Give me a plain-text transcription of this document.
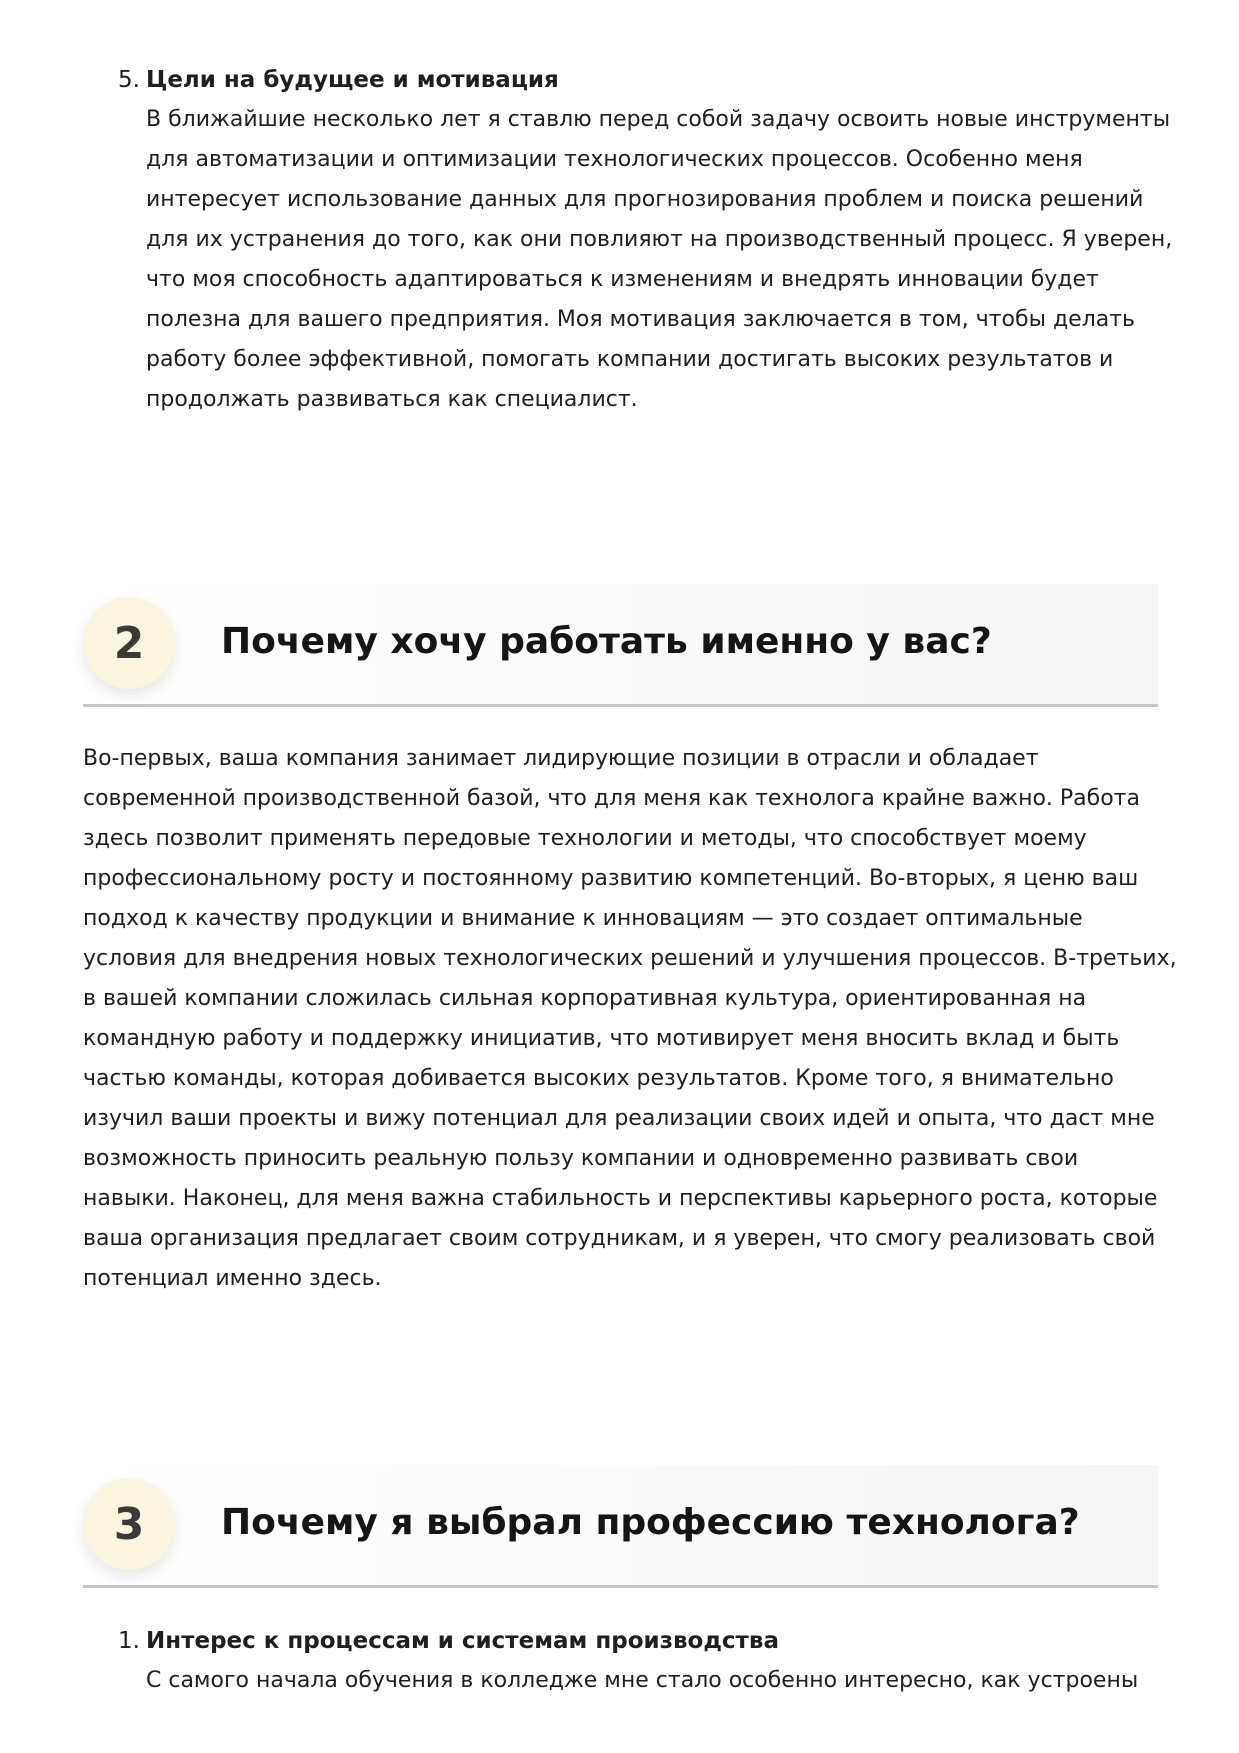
5. Цели на будущее и мотивация

В ближайшие несколько лет я ставлю перед собой задачу освоить новые инструменты
для автоматизации и оптимизации технологических процессов. Особенно меня
интересует использование данных для прогнозирования проблем и поиска решений
для их устранения до того, как они повлияют на производственный процесс. Я уверен,
что моя способность адаптироваться к изменениям и внедрять инновации будет
полезна для вашего предприятия. Моя мотивация заключается в том, чтобы делать
работу более эффективной, помогать компании достигать высоких результатов и
продолжать развиваться как специалист.

2	Почему хочу работать именно у вас?

Во-первых, ваша компания занимает лидирующие позиции в отрасли и обладает
современной производственной базой, что для меня как технолога крайне важно. Работа
здесь позволит применять передовые технологии и методы, что способствует моему
профессиональному росту и постоянному развитию компетенций. Во-вторых, я ценю ваш
подход к качеству продукции и внимание к инновациям — это создает оптимальные
условия для внедрения новых технологических решений и улучшения процессов. В-третьих,
в вашей компании сложилась сильная корпоративная культура, ориентированная на
командную работу и поддержку инициатив, что мотивирует меня вносить вклад и быть
частью команды, которая добивается высоких результатов. Кроме того, я внимательно
изучил ваши проекты и вижу потенциал для реализации своих идей и опыта, что даст мне
возможность приносить реальную пользу компании и одновременно развивать свои
навыки. Наконец, для меня важна стабильность и перспективы карьерного роста, которые
ваша организация предлагает своим сотрудникам, и я уверен, что смогу реализовать свой
потенциал именно здесь.

3	Почему я выбрал профессию технолога?
1. Интерес к процессам и системам производства

С самого начала обучения в колледже мне стало особенно интересно, как устроены
